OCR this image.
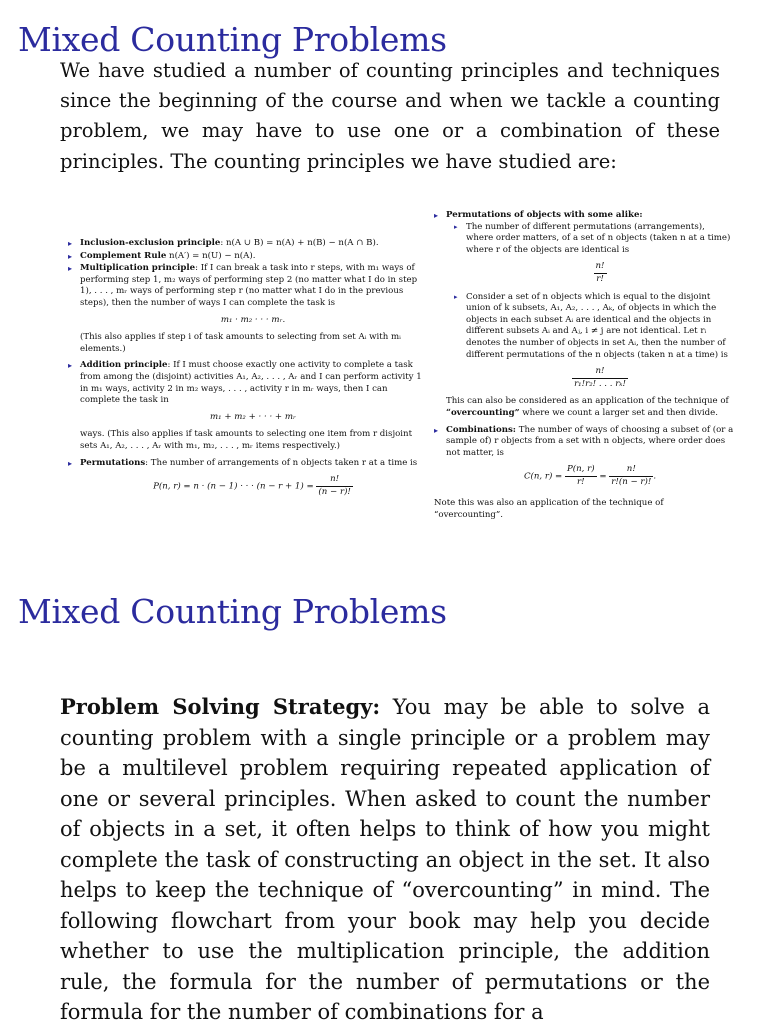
Mixed Counting Problems

We have studied a number of counting principles and techniques since the beginning of the course and when we tackle a counting problem, we may have to use one or a combination of these principles. The counting principles we have studied are:

▸ Inclusion-exclusion principle: n(A ∪ B) = n(A) + n(B) − n(A ∩ B).
▸ Complement Rule n(A′) = n(U) − n(A).
▸ Multiplication principle: If I can break a task into r steps, with m₁ ways of performing step 1, m₂ ways of performing step 2 (no matter what I do in step 1), . . . , mᵣ ways of performing step r (no matter what I do in the previous steps), then the number of ways I can complete the task is
m₁ · m₂ · · · mᵣ.
(This also applies if step i of task amounts to selecting from set Aᵢ with mᵢ elements.)
▸ Addition principle: If I must choose exactly one activity to complete a task from among the (disjoint) activities A₁, A₂, . . . , Aᵣ and I can perform activity 1 in m₁ ways, activity 2 in m₂ ways, . . . , activity r in mᵣ ways, then I can complete the task in
m₁ + m₂ + · · · + mᵣ
ways. (This also applies if task amounts to selecting one item from r disjoint sets A₁, A₂, . . . , Aᵣ with m₁, m₂, . . . , mᵣ items respectively.)
▸ Permutations: The number of arrangements of n objects taken r at a time is
P(n, r) = n · (n − 1) · · · $(n - r + 1) = \frac{n!}{(n - r)!}$
▸ Permutations of objects with some alike:
▸ The number of different permutations (arrangements), where order matters, of a set of n objects (taken n at a time) where r of the objects are identical is
$\frac{n!}{r!}$
▸ Consider a set of n objects which is equal to the disjoint union of k subsets, A₁, A₂, . . . , Aₖ, of objects in which the objects in each subset Aᵢ are identical and the objects in different subsets Aᵢ and Aⱼ, i ≠ j are not identical. Let rᵢ denotes the number of objects in set Aᵢ, then the number of different permutations of the n objects (taken n at a time) is
$\frac{n!}{\text{r₁!r₂! . . . rₖ!}}$
This can also be considered as an application of the technique of “overcounting” where we count a larger set and then divide.
▸ Combinations: The number of ways of choosing a subset of (or a sample of) r objects from a set with n objects, where order does not matter, is
C(n, $r) = \frac{P(n, r)}{r!} = \frac{n!}{r!(n - r)!}$ .
Note this was also an application of the technique of “overcounting”.
Mixed Counting Problems

Problem Solving Strategy: You may be able to solve a counting problem with a single principle or a problem may be a multilevel problem requiring repeated application of one or several principles. When asked to count the number of objects in a set, it often helps to think of how you might complete the task of constructing an object in the set. It also helps to keep the technique of “overcounting” in mind. The following flowchart from your book may help you decide whether to use the multiplication principle, the addition rule, the formula for the number of permutations or the formula for the number of combinations for a
